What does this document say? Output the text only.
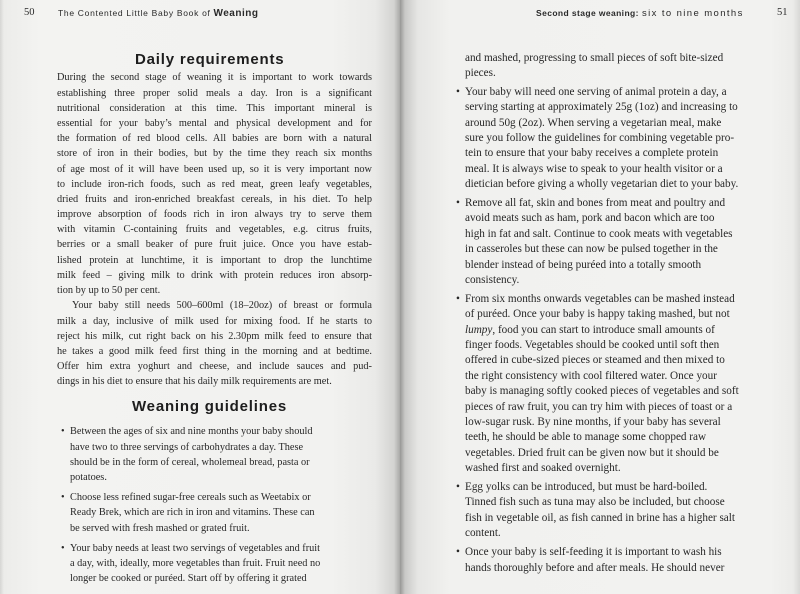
50	The Contented Little Baby Book of Weaning
Daily requirements
During the second stage of weaning it is important to work towards
establishing three proper solid meals a day. Iron is a significant
nutritional consideration at this time. This important mineral is
essential for your baby’s mental and physical development and for
the formation of red blood cells. All babies are born with a natural
store of iron in their bodies, but by the time they reach six months
of age most of it will have been used up, so it is very important now
to include iron-rich foods, such as red meat, green leafy vegetables,
dried fruits and iron-enriched breakfast cereals, in his diet. To help
improve absorption of foods rich in iron always try to serve them
with vitamin C-containing fruits and vegetables, e.g. citrus fruits,
berries or a small beaker of pure fruit juice. Once you have estab-
lished protein at lunchtime, it is important to drop the lunchtime
milk feed – giving milk to drink with protein reduces iron absorp-
tion by up to 50 per cent.
Your baby still needs 500–600ml (18–20oz) of breast or formula
milk a day, inclusive of milk used for mixing food. If he starts to
reject his milk, cut right back on his 2.30pm milk feed to ensure that
he takes a good milk feed first thing in the morning and at bedtime.
Offer him extra yoghurt and cheese, and include sauces and pud-
dings in his diet to ensure that his daily milk requirements are met.
Weaning guidelines
• Between the ages of six and nine months your baby should
have two to three servings of carbohydrates a day. These
should be in the form of cereal, wholemeal bread, pasta or
potatoes.
• Choose less refined sugar-free cereals such as Weetabix or
Ready Brek, which are rich in iron and vitamins. These can
be served with fresh mashed or grated fruit.
• Your baby needs at least two servings of vegetables and fruit
a day, with, ideally, more vegetables than fruit. Fruit need no
longer be cooked or puréed. Start off by offering it grated
Second stage weaning: six to nine months	51
and mashed, progressing to small pieces of soft bite-sized
pieces.
• Your baby will need one serving of animal protein a day, a
serving starting at approximately 25g (1oz) and increasing to
around 50g (2oz). When serving a vegetarian meal, make
sure you follow the guidelines for combining vegetable pro-
tein to ensure that your baby receives a complete protein
meal. It is always wise to speak to your health visitor or a
dietician before giving a wholly vegetarian diet to your baby.
• Remove all fat, skin and bones from meat and poultry and
avoid meats such as ham, pork and bacon which are too
high in fat and salt. Continue to cook meats with vegetables
in casseroles but these can now be pulsed together in the
blender instead of being puréed into a totally smooth
consistency.
• From six months onwards vegetables can be mashed instead
of puréed. Once your baby is happy taking mashed, but not
lumpy, food you can start to introduce small amounts of
finger foods. Vegetables should be cooked until soft then
offered in cube-sized pieces or steamed and then mixed to
the right consistency with cool filtered water. Once your
baby is managing softly cooked pieces of vegetables and soft
pieces of raw fruit, you can try him with pieces of toast or a
low-sugar rusk. By nine months, if your baby has several
teeth, he should be able to manage some chopped raw
vegetables. Dried fruit can be given now but it should be
washed first and soaked overnight.
• Egg yolks can be introduced, but must be hard-boiled.
Tinned fish such as tuna may also be included, but choose
fish in vegetable oil, as fish canned in brine has a higher salt
content.
• Once your baby is self-feeding it is important to wash his
hands thoroughly before and after meals. He should never
